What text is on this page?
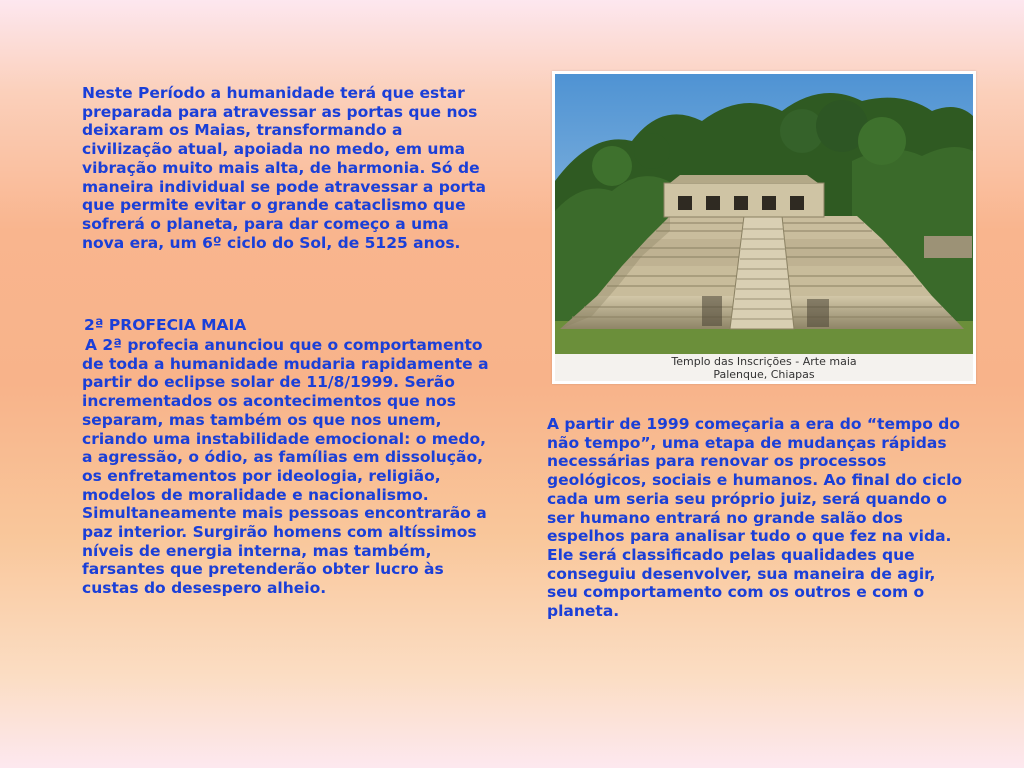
Neste Período a humanidade terá que estar preparada para atravessar as portas que nos deixaram os Maias, transformando a civilização atual, apoiada no medo, em uma vibração muito mais alta, de harmonia. Só de maneira individual se pode atravessar a porta que permite evitar o grande cataclismo que sofrerá o planeta, para dar começo a uma nova era, um 6º ciclo do Sol, de 5125 anos.

2ª PROFECIA MAIA

A 2ª profecia anunciou que o comportamento de toda a humanidade mudaria rapidamente a partir do eclipse solar de 11/8/1999. Serão incrementados os acontecimentos que nos separam, mas também os que nos unem, criando uma instabilidade emocional: o medo, a agressão, o ódio, as famílias em dissolução, os enfretamentos por ideologia, religião, modelos de moralidade e nacionalismo. Simultaneamente mais pessoas encontrarão a paz interior. Surgirão homens com altíssimos níveis de energia interna, mas também, farsantes que pretenderão obter lucro às custas do desespero alheio.

Templo das Inscrições - Arte maia
Palenque, Chiapas

A partir de 1999 começaria a era do “tempo do não tempo”, uma etapa de mudanças rápidas necessárias para renovar os processos geológicos, sociais e humanos. Ao final do ciclo cada um seria seu próprio juiz, será quando o ser humano entrará no grande salão dos espelhos para analisar tudo o que fez na vida. Ele será classificado pelas qualidades que conseguiu desenvolver, sua maneira de agir, seu comportamento com os outros e com o planeta.
